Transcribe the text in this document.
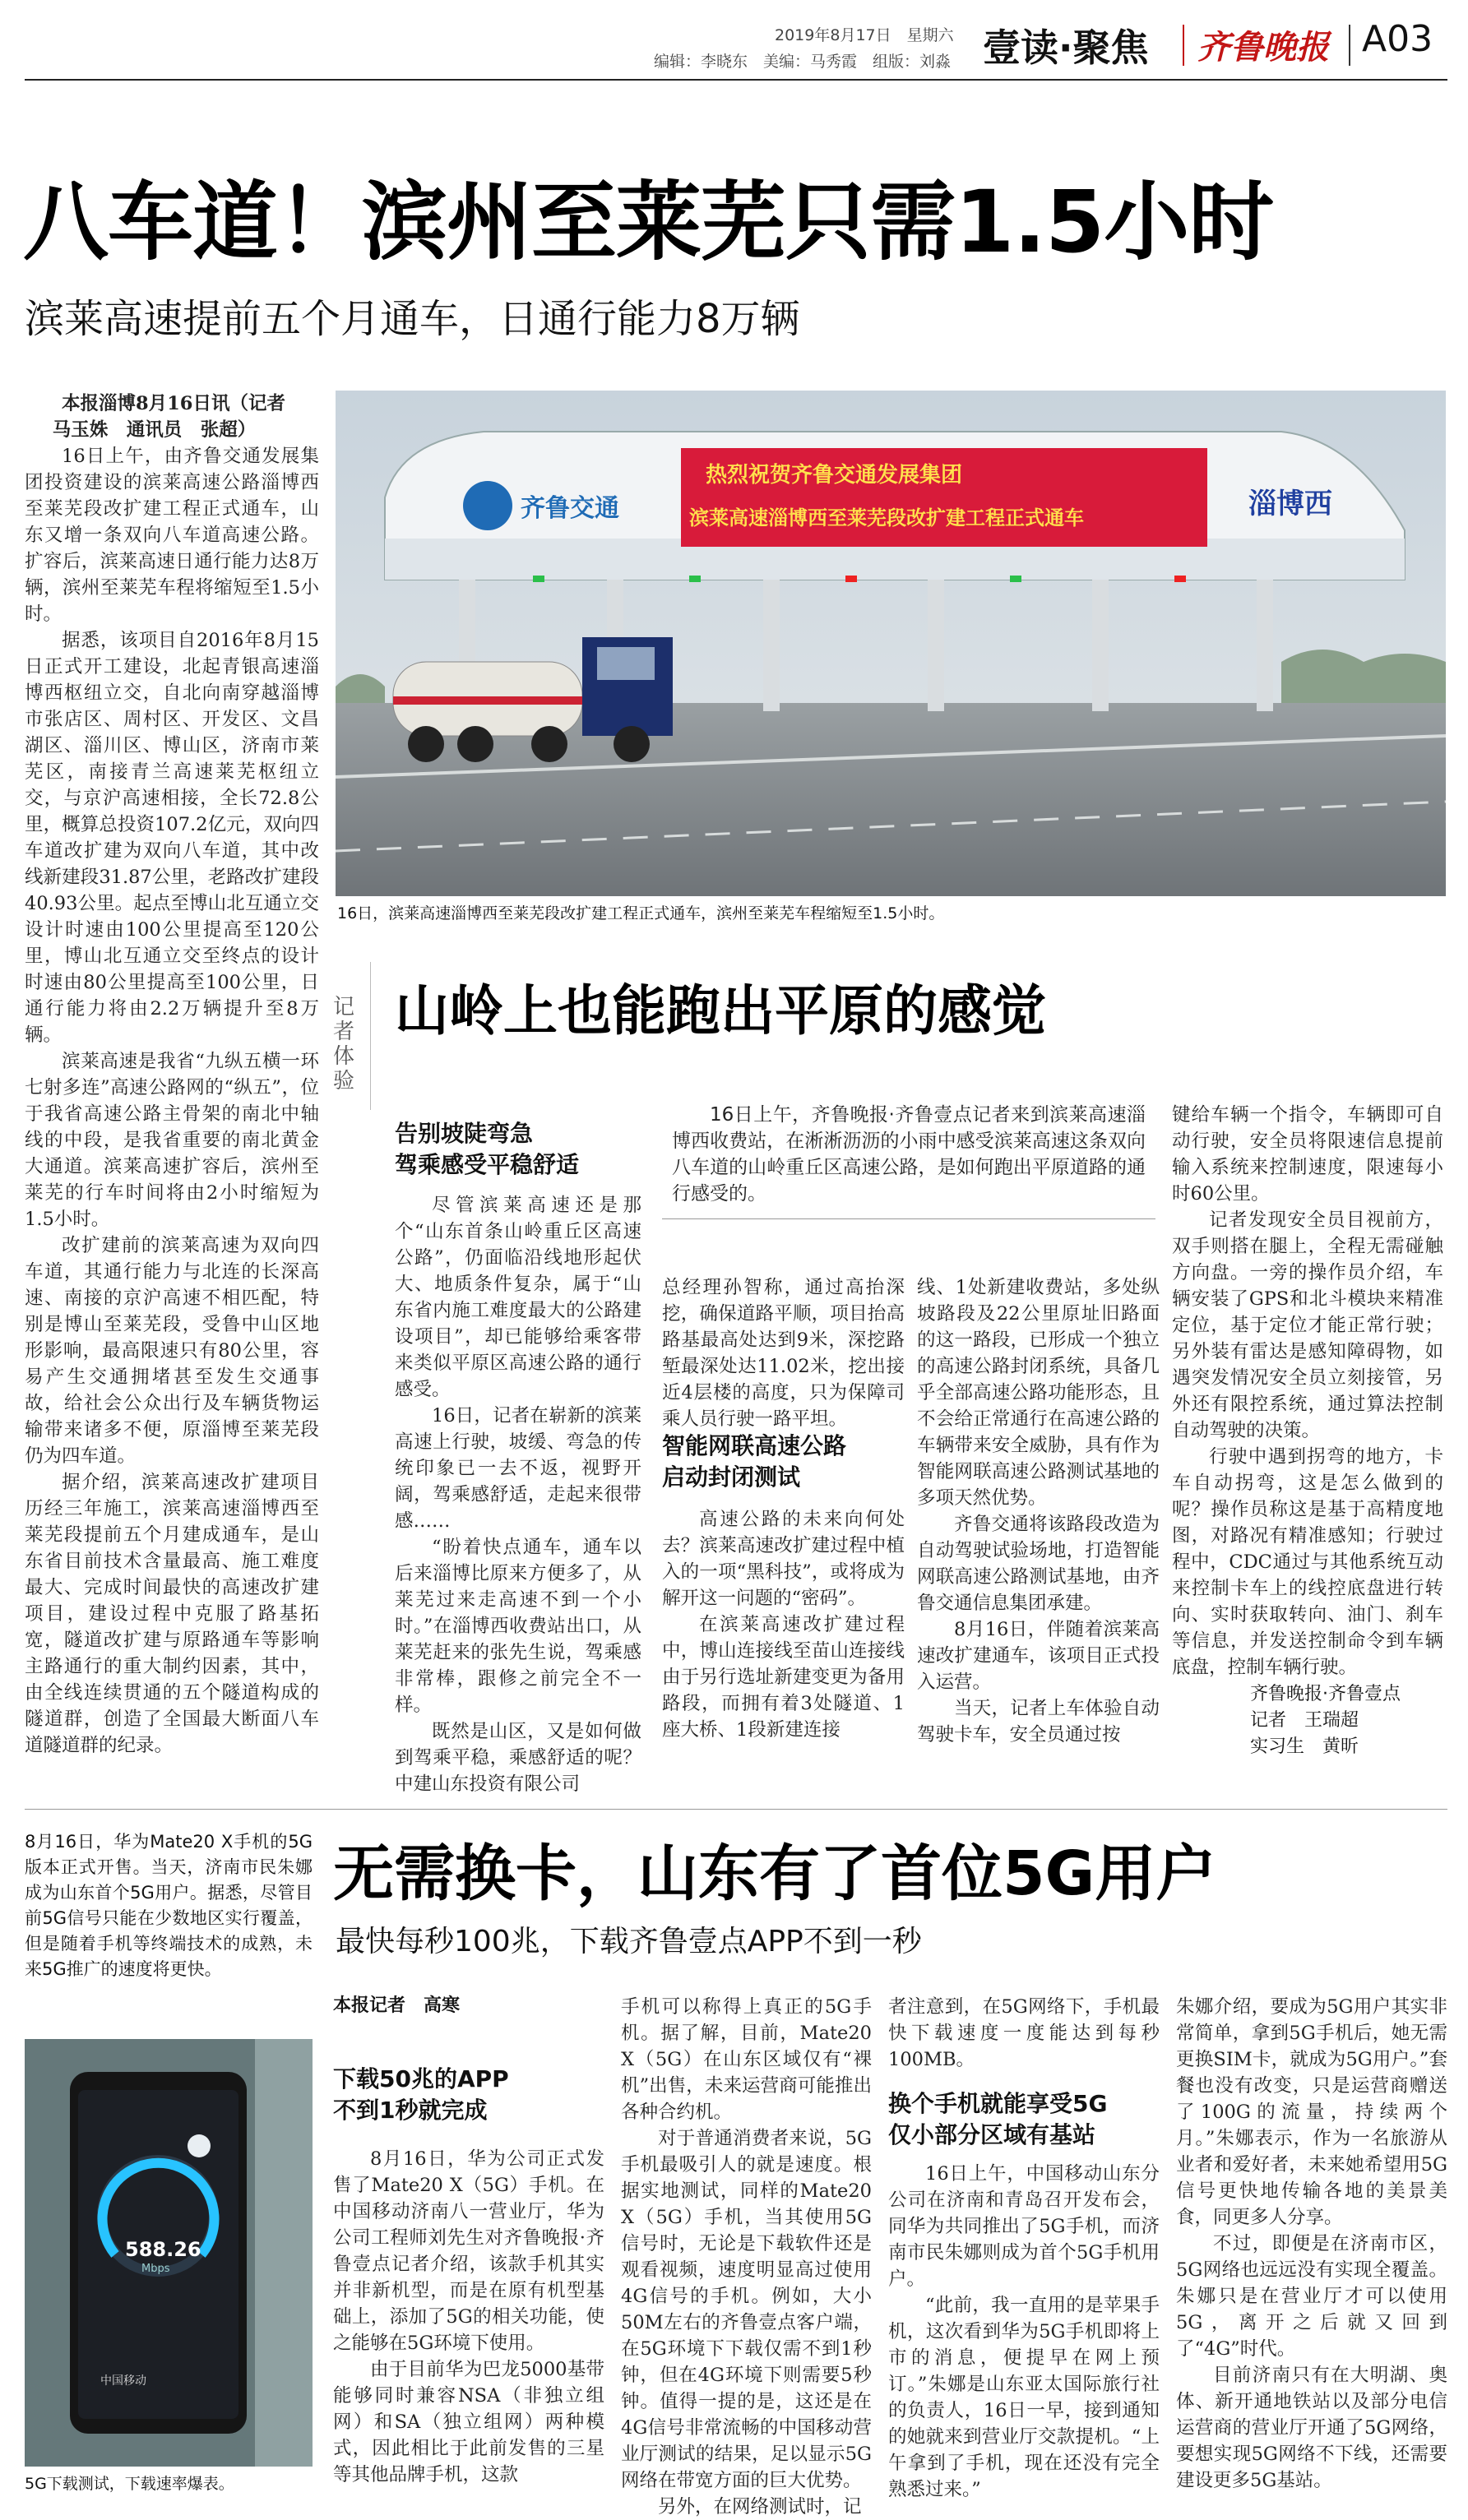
2019年8月17日　星期六
编辑：李晓东　美编：马秀霞　组版：刘淼 壹读·聚焦 齐鲁晚报 A03
八车道！滨州至莱芜只需1.5小时
滨莱高速提前五个月通车，日通行能力8万辆

本报淄博8月16日讯（记者

马玉姝　通讯员　张超）

16日上午，由齐鲁交通发展集团投资建设的滨莱高速公路淄博西至莱芜段改扩建工程正式通车，山东又增一条双向八车道高速公路。扩容后，滨莱高速日通行能力达8万辆，滨州至莱芜车程将缩短至1.5小时。

据悉，该项目自2016年8月15日正式开工建设，北起青银高速淄博西枢纽立交，自北向南穿越淄博市张店区、周村区、开发区、文昌湖区、淄川区、博山区，济南市莱芜区，南接青兰高速莱芜枢纽立交，与京沪高速相接，全长72.8公里，概算总投资107.2亿元，双向四车道改扩建为双向八车道，其中改线新建段31.87公里，老路改扩建段40.93公里。起点至博山北互通立交设计时速由100公里提高至120公里，博山北互通立交至终点的设计时速由80公里提高至100公里，日通行能力将由2.2万辆提升至8万辆。

滨莱高速是我省“九纵五横一环七射多连”高速公路网的“纵五”，位于我省高速公路主骨架的南北中轴线的中段，是我省重要的南北黄金大通道。滨莱高速扩容后，滨州至莱芜的行车时间将由2小时缩短为1.5小时。

改扩建前的滨莱高速为双向四车道，其通行能力与北连的长深高速、南接的京沪高速不相匹配，特别是博山至莱芜段，受鲁中山区地形影响，最高限速只有80公里，容易产生交通拥堵甚至发生交通事故，给社会公众出行及车辆货物运输带来诸多不便，原淄博至莱芜段仍为四车道。

据介绍，滨莱高速改扩建项目历经三年施工，滨莱高速淄博西至莱芜段提前五个月建成通车，是山东省目前技术含量最高、施工难度最大、完成时间最快的高速改扩建项目，建设过程中克服了路基拓宽，隧道改扩建与原路通车等影响主路通行的重大制约因素，其中，由全线连续贯通的五个隧道构成的隧道群，创造了全国最大断面八车道隧道群的纪录。

齐鲁交通
热烈祝贺齐鲁交通发展集团
滨莱高速淄博西至莱芜段改扩建工程正式通车	淄博西
16日，滨莱高速淄博西至莱芜段改扩建工程正式通车，滨州至莱芜车程缩短至1.5小时。
记者体验
山岭上也能跑出平原的感觉
告别坡陡弯急
驾乘感受平稳舒适

尽管滨莱高速还是那个“山东首条山岭重丘区高速公路”，仍面临沿线地形起伏大、地质条件复杂，属于“山东省内施工难度最大的公路建设项目”，却已能够给乘客带来类似平原区高速公路的通行感受。

16日，记者在崭新的滨莱高速上行驶，坡缓、弯急的传统印象已一去不返，视野开阔，驾乘感舒适，走起来很带感……

“盼着快点通车，通车以后来淄博比原来方便多了，从莱芜过来走高速不到一个小时。”在淄博西收费站出口，从莱芜赶来的张先生说，驾乘感非常棒，跟修之前完全不一样。

既然是山区，又是如何做到驾乘平稳，乘感舒适的呢？中建山东投资有限公司

16日上午，齐鲁晚报·齐鲁壹点记者来到滨莱高速淄博西收费站，在淅淅沥沥的小雨中感受滨莱高速这条双向八车道的山岭重丘区高速公路，是如何跑出平原道路的通行感受的。

总经理孙智称，通过高抬深挖，确保道路平顺，项目抬高路基最高处达到9米，深挖路堑最深处达11.02米，挖出接近4层楼的高度，只为保障司乘人员行驶一路平坦。

智能网联高速公路
启动封闭测试

高速公路的未来向何处去？滨莱高速改扩建过程中植入的一项“黑科技”，或将成为解开这一问题的“密码”。

在滨莱高速改扩建过程中，博山连接线至苗山连接线由于另行选址新建变更为备用路段，而拥有着3处隧道、1座大桥、1段新建连接

线、1处新建收费站，多处纵坡路段及22公里原址旧路面的这一路段，已形成一个独立的高速公路封闭系统，具备几乎全部高速公路功能形态，且不会给正常通行在高速公路的车辆带来安全威胁，具有作为智能网联高速公路测试基地的多项天然优势。

齐鲁交通将该路段改造为自动驾驶试验场地，打造智能网联高速公路测试基地，由齐鲁交通信息集团承建。

8月16日，伴随着滨莱高速改扩建通车，该项目正式投入运营。

当天，记者上车体验自动驾驶卡车，安全员通过按

键给车辆一个指令，车辆即可自动行驶，安全员将限速信息提前输入系统来控制速度，限速每小时60公里。

记者发现安全员目视前方，双手则搭在腿上，全程无需碰触方向盘。一旁的操作员介绍，车辆安装了GPS和北斗模块来精准定位，基于定位才能正常行驶；另外装有雷达是感知障碍物，如遇突发情况安全员立刻接管，另外还有限控系统，通过算法控制自动驾驶的决策。

行驶中遇到拐弯的地方，卡车自动拐弯，这是怎么做到的呢？操作员称这是基于高精度地图，对路况有精准感知；行驶过程中，CDC通过与其他系统互动来控制卡车上的线控底盘进行转向、实时获取转向、油门、刹车等信息，并发送控制命令到车辆底盘，控制车辆行驶。

齐鲁晚报·齐鲁壹点
记者　王瑞超
实习生　黄昕
8月16日，华为Mate20 X手机的5G版本正式开售。当天，济南市民朱娜成为山东首个5G用户。据悉，尽管目前5G信号只能在少数地区实行覆盖，但是随着手机等终端技术的成熟，未来5G推广的速度将更快。
588.26
Mbps
中国移动
5G下载测试，下载速率爆表。
无需换卡，山东有了首位5G用户
最快每秒100兆，下载齐鲁壹点APP不到一秒
本报记者　高寒
下载50兆的APP
不到1秒就完成

8月16日，华为公司正式发售了Mate20 X（5G）手机。在中国移动济南八一营业厅，华为公司工程师刘先生对齐鲁晚报·齐鲁壹点记者介绍，该款手机其实并非新机型，而是在原有机型基础上，添加了5G的相关功能，使之能够在5G环境下使用。

由于目前华为巴龙5000基带能够同时兼容NSA（非独立组网）和SA（独立组网）两种模式，因此相比于此前发售的三星等其他品牌手机，这款

手机可以称得上真正的5G手机。据了解，目前，Mate20 X（5G）在山东区域仅有“裸机”出售，未来运营商可能推出各种合约机。

对于普通消费者来说，5G手机最吸引人的就是速度。根据实地测试，同样的Mate20 X（5G）手机，当其使用5G信号时，无论是下载软件还是观看视频，速度明显高过使用4G信号的手机。例如，大小50M左右的齐鲁壹点客户端，在5G环境下下载仅需不到1秒钟，但在4G环境下则需要5秒钟。值得一提的是，这还是在4G信号非常流畅的中国移动营业厅测试的结果，足以显示5G网络在带宽方面的巨大优势。

另外，在网络测试时，记

者注意到，在5G网络下，手机最快下载速度一度能达到每秒100MB。

换个手机就能享受5G
仅小部分区域有基站

16日上午，中国移动山东分公司在济南和青岛召开发布会，同华为共同推出了5G手机，而济南市民朱娜则成为首个5G手机用户。

“此前，我一直用的是苹果手机，这次看到华为5G手机即将上市的消息，便提早在网上预订。”朱娜是山东亚太国际旅行社的负责人，16日一早，接到通知的她就来到营业厅交款提机。“上午拿到了手机，现在还没有完全熟悉过来。”

朱娜介绍，要成为5G用户其实非常简单，拿到5G手机后，她无需更换SIM卡，就成为5G用户。”套餐也没有改变，只是运营商赠送了100G的流量，持续两个月。”朱娜表示，作为一名旅游从业者和爱好者，未来她希望用5G信号更快地传输各地的美景美食，同更多人分享。

不过，即便是在济南市区，5G网络也远远没有实现全覆盖。朱娜只是在营业厅才可以使用5G，离开之后就又回到了“4G”时代。

目前济南只有在大明湖、奥体、新开通地铁站以及部分电信运营商的营业厅开通了5G网络，要想实现5G网络不下线，还需要建设更多5G基站。
